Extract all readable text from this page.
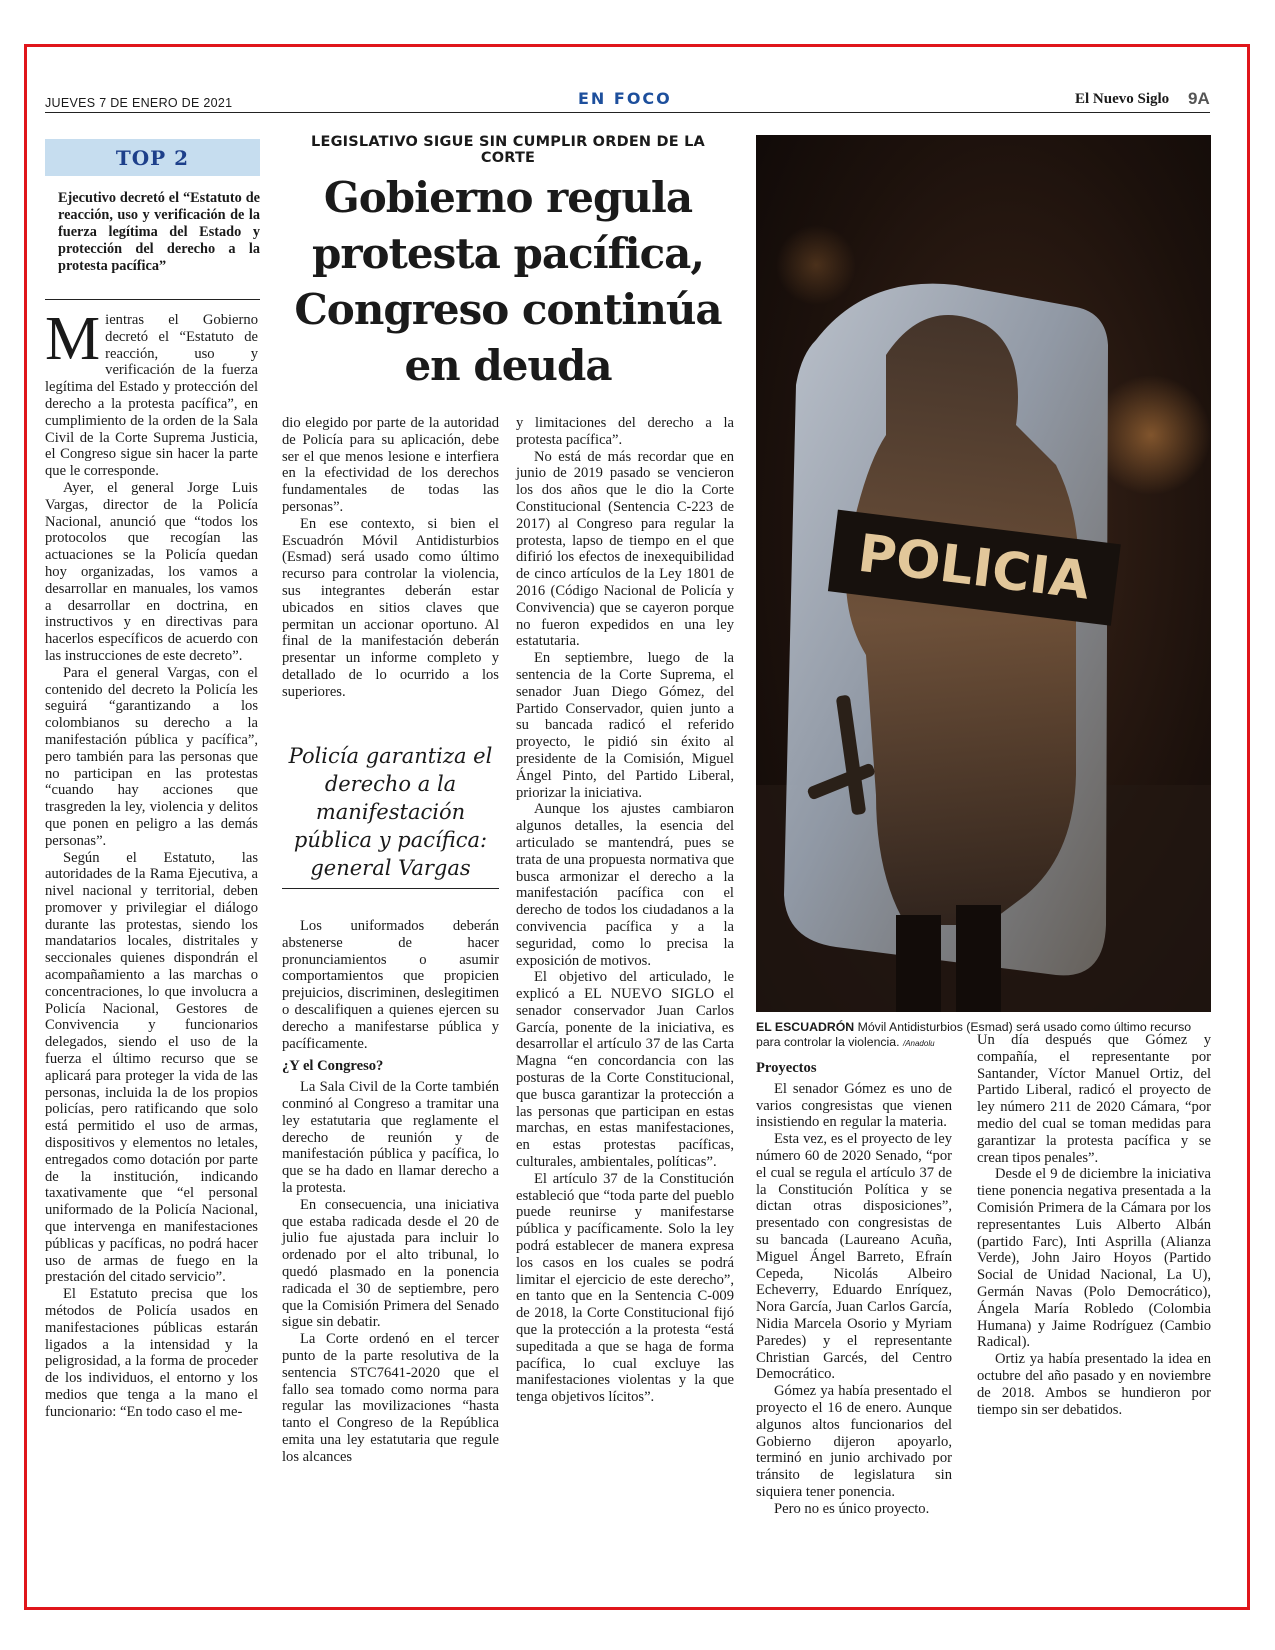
JUEVES 7 DE ENERO DE 2021	EN FOCO	El Nuevo Siglo 9A
TOP 2
Ejecutivo decretó el “Estatuto de reacción, uso y verificación de la fuerza legítima del Estado y protección del derecho a la protesta pacífica”
LEGISLATIVO SIGUE SIN CUMPLIR ORDEN DE LA CORTE
Gobierno regula protesta pacífica, Congreso continúa en deuda

Mientras el Gobierno decretó el “Estatuto de reacción, uso y verificación de la fuerza legítima del Estado y protección del derecho a la protesta pacífica”, en cumplimiento de la orden de la Sala Civil de la Corte Suprema Justicia, el Congreso sigue sin hacer la parte que le corresponde.

Ayer, el general Jorge Luis Vargas, director de la Policía Nacional, anunció que “todos los protocolos que recogían las actuaciones se la Policía quedan hoy organizadas, los vamos a desarrollar en manuales, los vamos a desarrollar en doctrina, en instructivos y en directivas para hacerlos específicos de acuerdo con las instrucciones de este decreto”.

Para el general Vargas, con el contenido del decreto la Policía les seguirá “garantizando a los colombianos su derecho a la manifestación pública y pacífica”, pero también para las personas que no participan en las protestas “cuando hay acciones que trasgreden la ley, violencia y delitos que ponen en peligro a las demás personas”.

Según el Estatuto, las autoridades de la Rama Ejecutiva, a nivel nacional y territorial, deben promover y privilegiar el diálogo durante las protestas, siendo los mandatarios locales, distritales y seccionales quienes dispondrán el acompañamiento a las marchas o concentraciones, lo que involucra a Policía Nacional, Gestores de Convivencia y funcionarios delegados, siendo el uso de la fuerza el último recurso que se aplicará para proteger la vida de las personas, incluida la de los propios policías, pero ratificando que solo está permitido el uso de armas, dispositivos y elementos no letales, entregados como dotación por parte de la institución, indicando taxativamente que “el personal uniformado de la Policía Nacional, que intervenga en manifestaciones públicas y pacíficas, no podrá hacer uso de armas de fuego en la prestación del citado servicio”.

El Estatuto precisa que los métodos de Policía usados en manifestaciones públicas estarán ligados a la intensidad y la peligrosidad, a la forma de proceder de los individuos, el entorno y los medios que tenga a la mano el funcionario: “En todo caso el me-

dio elegido por parte de la autoridad de Policía para su aplicación, debe ser el que menos lesione e interfiera en la efectividad de los derechos fundamentales de todas las personas”.

En ese contexto, si bien el Escuadrón Móvil Antidisturbios (Esmad) será usado como último recurso para controlar la violencia, sus integrantes deberán estar ubicados en sitios claves que permitan un accionar oportuno. Al final de la manifestación deberán presentar un informe completo y detallado de lo ocurrido a los superiores.

Policía garantiza el derecho a la manifestación pública y pacífica: general Vargas

Los uniformados deberán abstenerse de hacer pronunciamientos o asumir comportamientos que propicien prejuicios, discriminen, deslegitimen o descalifiquen a quienes ejercen su derecho a manifestarse pública y pacíficamente.

¿Y el Congreso?

La Sala Civil de la Corte también conminó al Congreso a tramitar una ley estatutaria que reglamente el derecho de reunión y de manifestación pública y pacífica, lo que se ha dado en llamar derecho a la protesta.

En consecuencia, una iniciativa que estaba radicada desde el 20 de julio fue ajustada para incluir lo ordenado por el alto tribunal, lo quedó plasmado en la ponencia radicada el 30 de septiembre, pero que la Comisión Primera del Senado sigue sin debatir.

La Corte ordenó en el tercer punto de la parte resolutiva de la sentencia STC7641-2020 que el fallo sea tomado como norma para regular las movilizaciones “hasta tanto el Congreso de la República emita una ley estatutaria que regule los alcances

y limitaciones del derecho a la protesta pacífica”.

No está de más recordar que en junio de 2019 pasado se vencieron los dos años que le dio la Corte Constitucional (Sentencia C-223 de 2017) al Congreso para regular la protesta, lapso de tiempo en el que difirió los efectos de inexequibilidad de cinco artículos de la Ley 1801 de 2016 (Código Nacional de Policía y Convivencia) que se cayeron porque no fueron expedidos en una ley estatutaria.

En septiembre, luego de la sentencia de la Corte Suprema, el senador Juan Diego Gómez, del Partido Conservador, quien junto a su bancada radicó el referido proyecto, le pidió sin éxito al presidente de la Comisión, Miguel Ángel Pinto, del Partido Liberal, priorizar la iniciativa.

Aunque los ajustes cambiaron algunos detalles, la esencia del articulado se mantendrá, pues se trata de una propuesta normativa que busca armonizar el derecho a la manifestación pacífica con el derecho de todos los ciudadanos a la convivencia pacífica y a la seguridad, como lo precisa la exposición de motivos.

El objetivo del articulado, le explicó a EL NUEVO SIGLO el senador conservador Juan Carlos García, ponente de la iniciativa, es desarrollar el artículo 37 de las Carta Magna “en concordancia con las posturas de la Corte Constitucional, que busca garantizar la protección a las personas que participan en estas marchas, en estas manifestaciones, en estas protestas pacíficas, culturales, ambientales, políticas”.

El artículo 37 de la Constitución estableció que “toda parte del pueblo puede reunirse y manifestarse pública y pacíficamente. Solo la ley podrá establecer de manera expresa los casos en los cuales se podrá limitar el ejercicio de este derecho”, en tanto que en la Sentencia C-009 de 2018, la Corte Constitucional fijó que la protección a la protesta “está supeditada a que se haga de forma pacífica, lo cual excluye las manifestaciones violentas y la que tenga objetivos lícitos”.

POLICIA
EL ESCUADRÓN Móvil Antidisturbios (Esmad) será usado como último recurso para controlar la violencia. /Anadolu

Proyectos

El senador Gómez es uno de varios congresistas que vienen insistiendo en regular la materia.

Esta vez, es el proyecto de ley número 60 de 2020 Senado, “por el cual se regula el artículo 37 de la Constitución Política y se dictan otras disposiciones”, presentado con congresistas de su bancada (Laureano Acuña, Miguel Ángel Barreto, Efraín Cepeda, Nicolás Albeiro Echeverry, Eduardo Enríquez, Nora García, Juan Carlos García, Nidia Marcela Osorio y Myriam Paredes) y el representante Christian Garcés, del Centro Democrático.

Gómez ya había presentado el proyecto el 16 de enero. Aunque algunos altos funcionarios del Gobierno dijeron apoyarlo, terminó en junio archivado por tránsito de legislatura sin siquiera tener ponencia.

Pero no es único proyecto.

Un día después que Gómez y compañía, el representante por Santander, Víctor Manuel Ortiz, del Partido Liberal, radicó el proyecto de ley número 211 de 2020 Cámara, “por medio del cual se toman medidas para garantizar la protesta pacífica y se crean tipos penales”.

Desde el 9 de diciembre la iniciativa tiene ponencia negativa presentada a la Comisión Primera de la Cámara por los representantes Luis Alberto Albán (partido Farc), Inti Asprilla (Alianza Verde), John Jairo Hoyos (Partido Social de Unidad Nacional, La U), Germán Navas (Polo Democrático), Ángela María Robledo (Colombia Humana) y Jaime Rodríguez (Cambio Radical).

Ortiz ya había presentado la idea en octubre del año pasado y en noviembre de 2018. Ambos se hundieron por tiempo sin ser debatidos.
